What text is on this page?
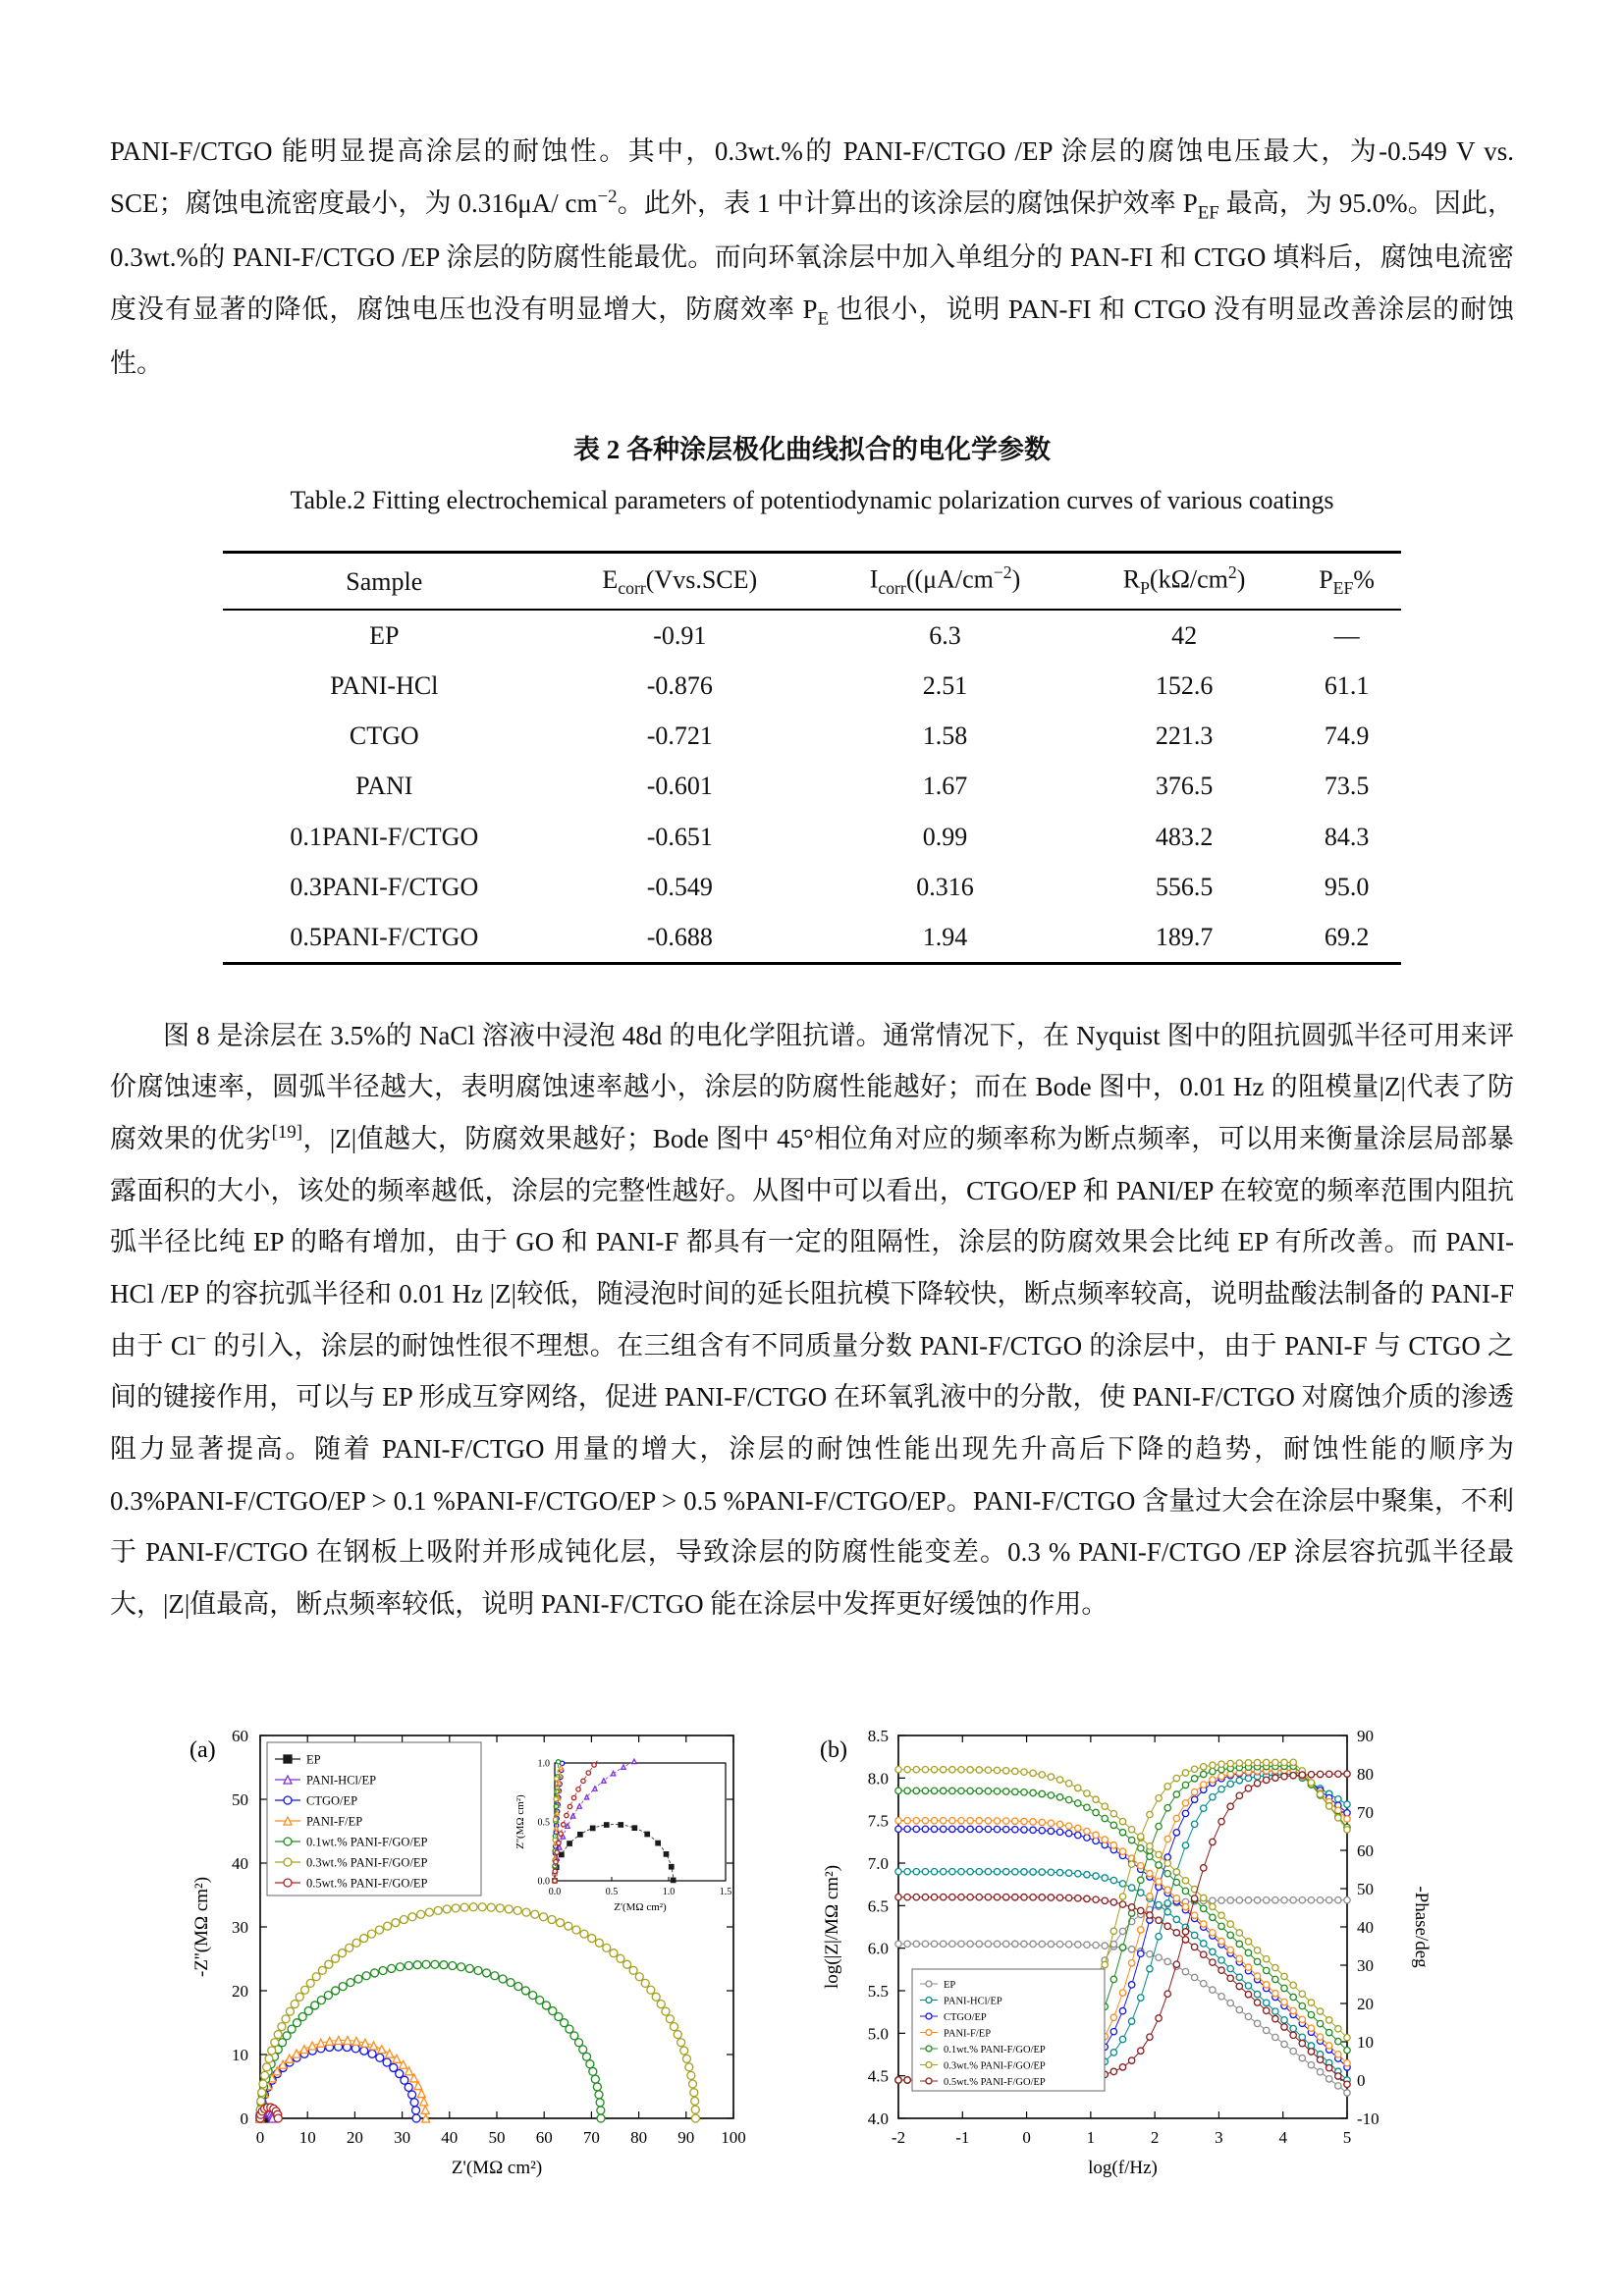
PANI-F/CTGO 能明显提高涂层的耐蚀性。其中，0.3wt.%的 PANI-F/CTGO /EP 涂层的腐蚀电压最大，为-0.549 V vs. SCE；腐蚀电流密度最小，为 0.316μA/ $cm^{-2}$。此外，表 1 中计算出的该涂层的腐蚀保护效率 $P_{EF}$ 最高，为 95.0%。因此，0.3wt.%的 PANI-F/CTGO /EP 涂层的防腐性能最优。而向环氧涂层中加入单组分的 PAN-FI 和 CTGO 填料后，腐蚀电流密度没有显著的降低，腐蚀电压也没有明显增大，防腐效率 $P_E$ 也很小，说明 PAN-FI 和 CTGO 没有明显改善涂层的耐蚀性。

表 2 各种涂层极化曲线拟合的电化学参数
Table.2 Fitting electrochemical parameters of potentiodynamic polarization curves of various coatings
Sample	$E_{corr}(Vvs.SCE)$	$I_{corr}((\mu A/cm^{-2})$	$R_P(k\Omega/cm^2)$	$P_{EF}\%$
EP	-0.91	6.3	42	—
PANI-HCl	-0.876	2.51	152.6	61.1
CTGO	-0.721	1.58	221.3	74.9
PANI	-0.601	1.67	376.5	73.5
0.1PANI-F/CTGO	-0.651	0.99	483.2	84.3
0.3PANI-F/CTGO	-0.549	0.316	556.5	95.0
0.5PANI-F/CTGO	-0.688	1.94	189.7	69.2

图 8 是涂层在 3.5%的 NaCl 溶液中浸泡 48d 的电化学阻抗谱。通常情况下，在 Nyquist 图中的阻抗圆弧半径可用来评价腐蚀速率，圆弧半径越大，表明腐蚀速率越小，涂层的防腐性能越好；而在 Bode 图中，0.01 Hz 的阻模量|Z|代表了防腐效果的优劣[19]，|Z|值越大，防腐效果越好；Bode 图中 45°相位角对应的频率称为断点频率，可以用来衡量涂层局部暴露面积的大小，该处的频率越低，涂层的完整性越好。从图中可以看出，CTGO/EP 和 PANI/EP 在较宽的频率范围内阻抗弧半径比纯 EP 的略有增加，由于 GO 和 PANI-F 都具有一定的阻隔性，涂层的防腐效果会比纯 EP 有所改善。而 PANI-HCl /EP 的容抗弧半径和 0.01 Hz |Z|较低，随浸泡时间的延长阻抗模下降较快，断点频率较高，说明盐酸法制备的 PANI-F 由于 Cl− 的引入，涂层的耐蚀性很不理想。在三组含有不同质量分数 PANI-F/CTGO 的涂层中，由于 PANI-F 与 CTGO 之间的键接作用，可以与 EP 形成互穿网络，促进 PANI-F/CTGO 在环氧乳液中的分散，使 PANI-F/CTGO 对腐蚀介质的渗透阻力显著提高。随着 PANI-F/CTGO 用量的增大，涂层的耐蚀性能出现先升高后下降的趋势，耐蚀性能的顺序为 0.3%PANI-F/CTGO/EP > 0.1 %PANI-F/CTGO/EP > 0.5 %PANI-F/CTGO/EP。PANI-F/CTGO 含量过大会在涂层中聚集，不利于 PANI-F/CTGO 在钢板上吸附并形成钝化层，导致涂层的防腐性能变差。0.3 % PANI-F/CTGO /EP 涂层容抗弧半径最大，|Z|值最高，断点频率较低，说明 PANI-F/CTGO 能在涂层中发挥更好缓蚀的作用。

0 10 20 30 40 50 60 70 80 90 100
0
10
20
30
40
50
60
Z'(MΩ cm²)
-Z''(MΩ cm²)
(a)	EP
PANI-HCl/EP
CTGO/EP
PANI-F/EP
0.1wt.% PANI-F/GO/EP
0.3wt.% PANI-F/GO/EP
0.5wt.% PANI-F/GO/EP
0.0	0.5	1.0	1.5
0.0
0.5
1.0
Z'(MΩ cm²)
Z''(MΩ cm²)
-2	-1	0	1	2	3	4	5
4.0
4.5
5.0
5.5
6.0
6.5
7.0
7.5
8.0
8.5
-10
0
10
20
30
40
50
60
70
80
90
log(f/Hz)
log(|Z|/MΩ cm²)	-Phase/deg
(b)
EP
PANI-HCl/EP
CTGO/EP
PANI-F/EP
0.1wt.% PANI-F/GO/EP
0.3wt.% PANI-F/GO/EP
0.5wt.% PANI-F/GO/EP
